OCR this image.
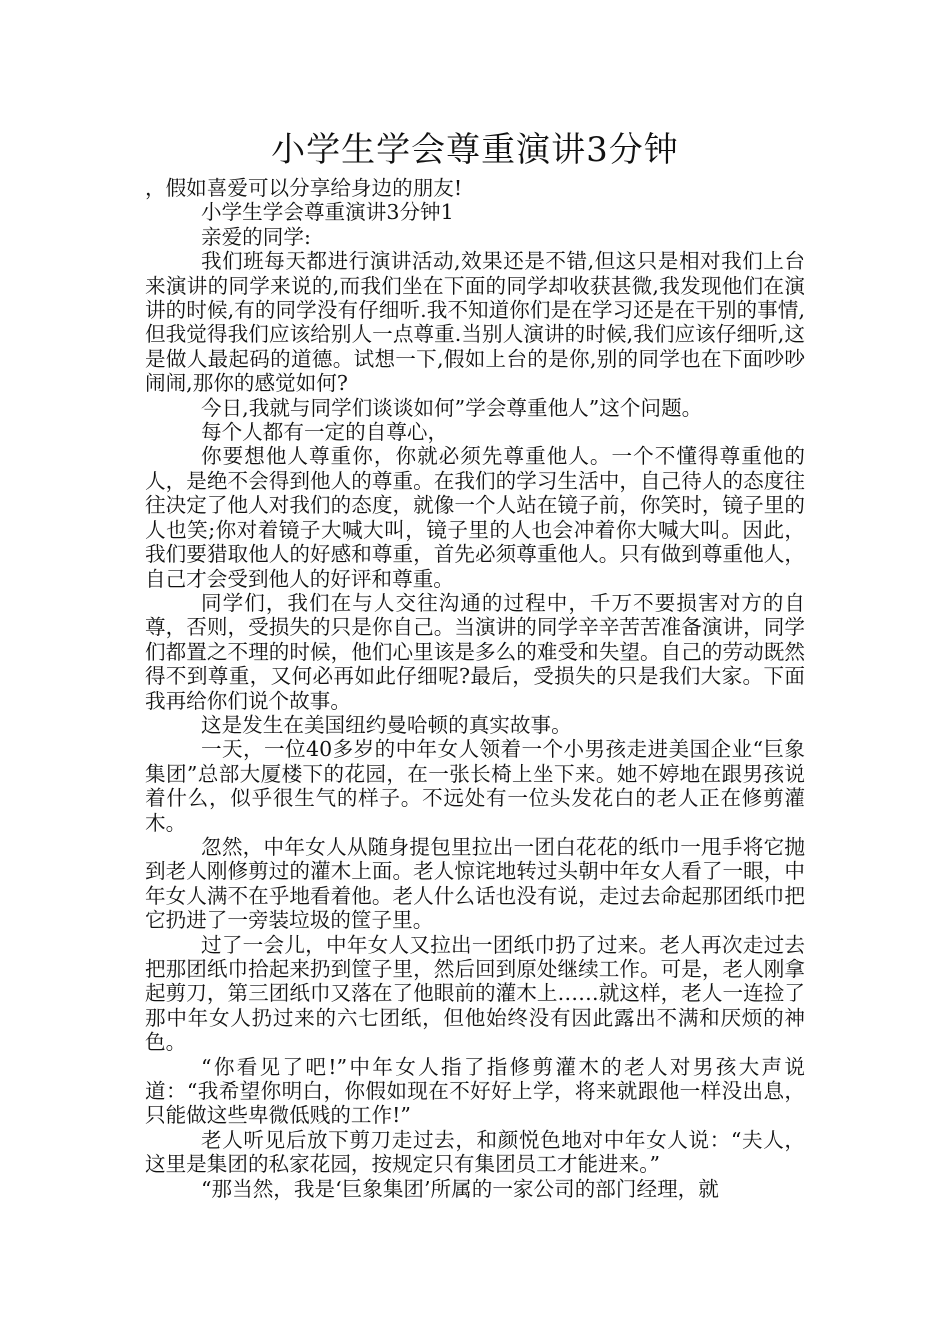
小学生学会尊重演讲3分钟

，假如喜爱可以分享给身边的朋友!

小学生学会尊重演讲3分钟1

亲爱的同学:

我们班每天都进行演讲活动,效果还是不错,但这只是相对我们上台来演讲的同学来说的,而我们坐在下面的同学却收获甚微,我发现他们在演讲的时候,有的同学没有仔细听.我不知道你们是在学习还是在干别的事情,但我觉得我们应该给别人一点尊重.当别人演讲的时候,我们应该仔细听,这是做人最起码的道德。试想一下,假如上台的是你,别的同学也在下面吵吵闹闹,那你的感觉如何?

今日,我就与同学们谈谈如何”学会尊重他人”这个问题。

每个人都有一定的自尊心，

你要想他人尊重你，你就必须先尊重他人。一个不懂得尊重他的人，是绝不会得到他人的尊重。在我们的学习生活中，自己待人的态度往往决定了他人对我们的态度，就像一个人站在镜子前，你笑时，镜子里的人也笑;你对着镜子大喊大叫，镜子里的人也会冲着你大喊大叫。因此，我们要猎取他人的好感和尊重，首先必须尊重他人。只有做到尊重他人，自己才会受到他人的好评和尊重。

同学们，我们在与人交往沟通的过程中，千万不要损害对方的自尊，否则，受损失的只是你自己。当演讲的同学辛辛苦苦准备演讲，同学们都置之不理的时候，他们心里该是多么的难受和失望。自己的劳动既然得不到尊重，又何必再如此仔细呢?最后，受损失的只是我们大家。下面我再给你们说个故事。

这是发生在美国纽约曼哈顿的真实故事。

一天，一位40多岁的中年女人领着一个小男孩走进美国企业“巨象集团”总部大厦楼下的花园，在一张长椅上坐下来。她不婷地在跟男孩说着什么，似乎很生气的样子。不远处有一位头发花白的老人正在修剪灌木。

忽然，中年女人从随身提包里拉出一团白花花的纸巾一甩手将它抛到老人刚修剪过的灌木上面。老人惊诧地转过头朝中年女人看了一眼，中年女人满不在乎地看着他。老人什么话也没有说，走过去命起那团纸巾把它扔进了一旁装垃圾的筐子里。

过了一会儿，中年女人又拉出一团纸巾扔了过来。老人再次走过去把那团纸巾拾起来扔到筐子里，然后回到原处继续工作。可是，老人刚拿起剪刀，第三团纸巾又落在了他眼前的灌木上……就这样，老人一连捡了那中年女人扔过来的六七团纸，但他始终没有因此露出不满和厌烦的神色。

“你看见了吧!”中年女人指了指修剪灌木的老人对男孩大声说道：“我希望你明白，你假如现在不好好上学，将来就跟他一样没出息，只能做这些卑微低贱的工作!”

老人听见后放下剪刀走过去，和颜悦色地对中年女人说：“夫人，这里是集团的私家花园，按规定只有集团员工才能进来。”

“那当然，我是‘巨象集团’所属的一家公司的部门经理，就
